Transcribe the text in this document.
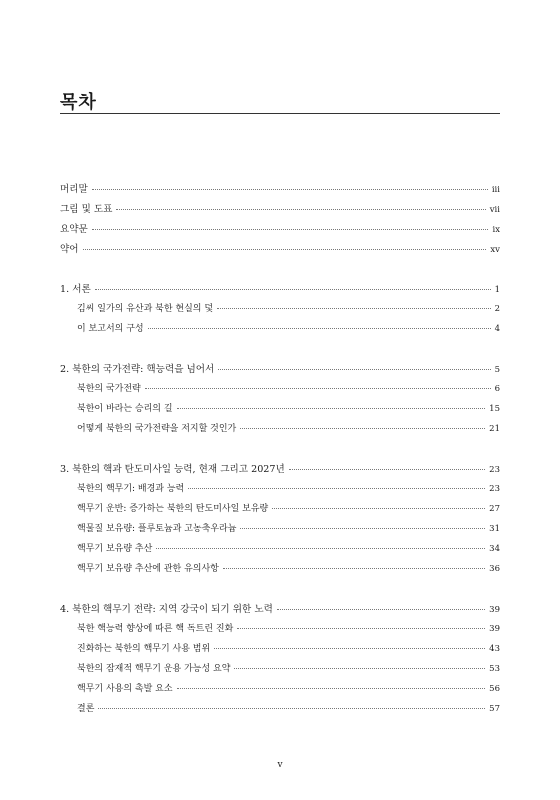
목차
머리말	iii
그림 및 도표	vii
요약문	ix
약어	xv
1. 서론	1
김씨 일가의 유산과 북한 현실의 덫	2
이 보고서의 구성	4
2. 북한의 국가전략: 핵능력을 넘어서	5
북한의 국가전략	6
북한이 바라는 승리의 길	15
어떻게 북한의 국가전략을 저지할 것인가	21
3. 북한의 핵과 탄도미사일 능력, 현재 그리고 2027년	23
북한의 핵무기: 배경과 능력	23
핵무기 운반: 증가하는 북한의 탄도미사일 보유량	27
핵물질 보유량: 플루토늄과 고농축우라늄	31
핵무기 보유량 추산	34
핵무기 보유량 추산에 관한 유의사항	36
4. 북한의 핵무기 전략: 지역 강국이 되기 위한 노력	39
북한 핵능력 향상에 따른 핵 독트린 진화	39
진화하는 북한의 핵무기 사용 범위	43
북한의 잠재적 핵무기 운용 가능성 요약	53
핵무기 사용의 촉발 요소	56
결론	57
v
